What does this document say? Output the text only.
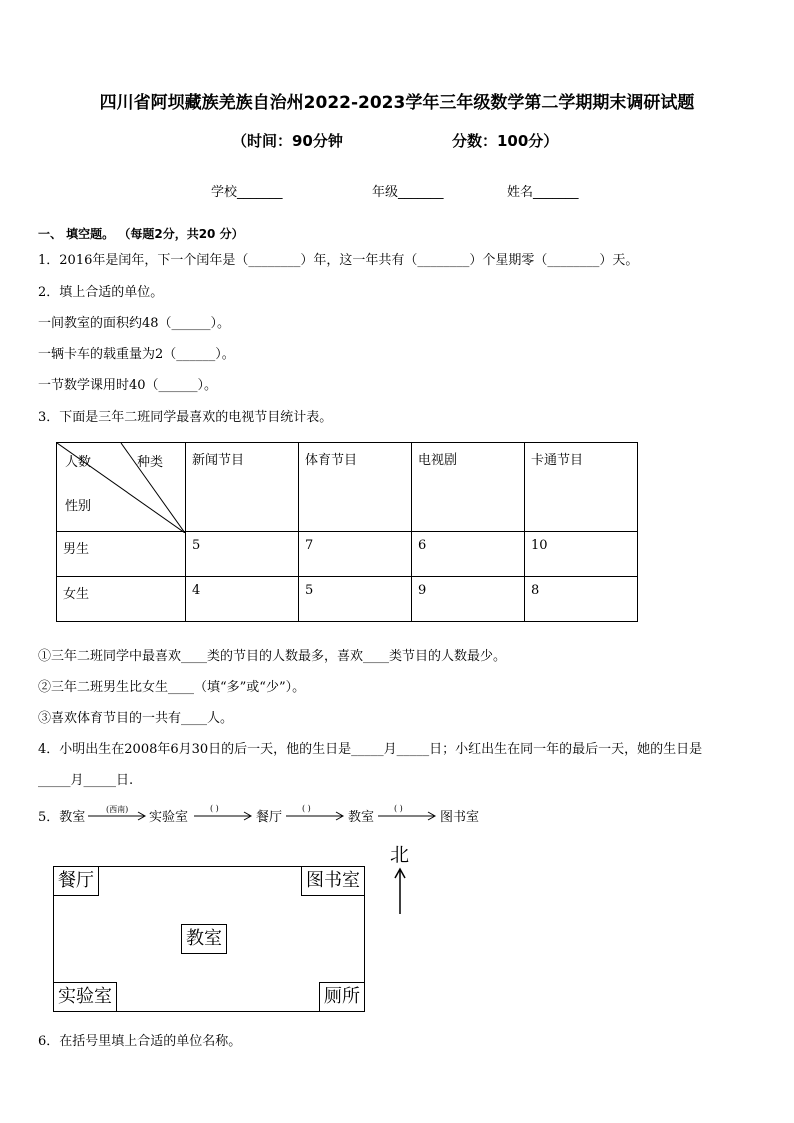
四川省阿坝藏族羌族自治州2022-2023学年三年级数学第二学期期末调研试题
（时间：90分钟	分数：100分）
学校_______	年级_______	姓名_______
一、 填空题。 （每题2分，共20 分）
1．2016年是闰年，下一个闰年是（________）年，这一年共有（________）个星期零（________）天。
2．填上合适的单位。
一间教室的面积约48（______）。
一辆卡车的载重量为2（______）。
一节数学课用时40（______）。
3．下面是三年二班同学最喜欢的电视节目统计表。
人数 种类
性别	新闻节目	体育节目	电视剧	卡通节目
男生	5	7	6	10
女生	4	5	9	8
①三年二班同学中最喜欢____类的节目的人数最多，喜欢____类节目的人数最少。
②三年二班男生比女生____（填“多”或“少”）。
③喜欢体育节目的一共有____人。
4．小明出生在2008年6月30日的后一天，他的生日是_____月_____日；小红出生在同一年的最后一天，她的生日是
_____月_____日.
5．教室
(西南)
实验室
( )
餐厅
( )
教室
( )
图书室
餐厅	图书室
教室
实验室	厕所
北
6．在括号里填上合适的单位名称。
